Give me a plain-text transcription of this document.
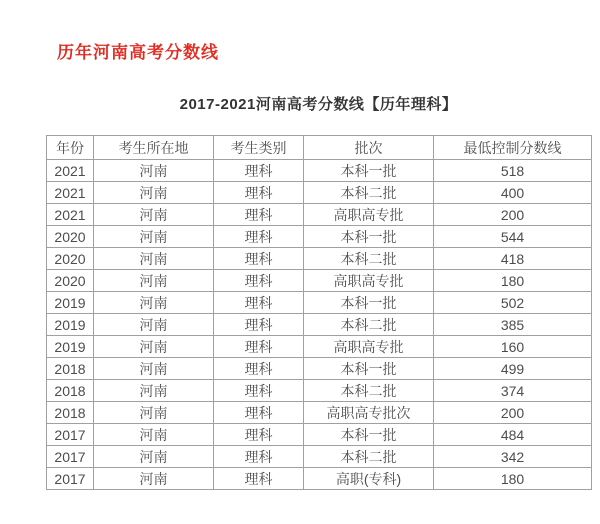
历年河南高考分数线
2017-2021河南高考分数线【历年理科】
年份	考生所在地	考生类别	批次	最低控制分数线
2021	河南	理科	本科一批	518
2021	河南	理科	本科二批	400
2021	河南	理科	高职高专批	200
2020	河南	理科	本科一批	544
2020	河南	理科	本科二批	418
2020	河南	理科	高职高专批	180
2019	河南	理科	本科一批	502
2019	河南	理科	本科二批	385
2019	河南	理科	高职高专批	160
2018	河南	理科	本科一批	499
2018	河南	理科	本科二批	374
2018	河南	理科	高职高专批次	200
2017	河南	理科	本科一批	484
2017	河南	理科	本科二批	342
2017	河南	理科	高职(专科)	180
